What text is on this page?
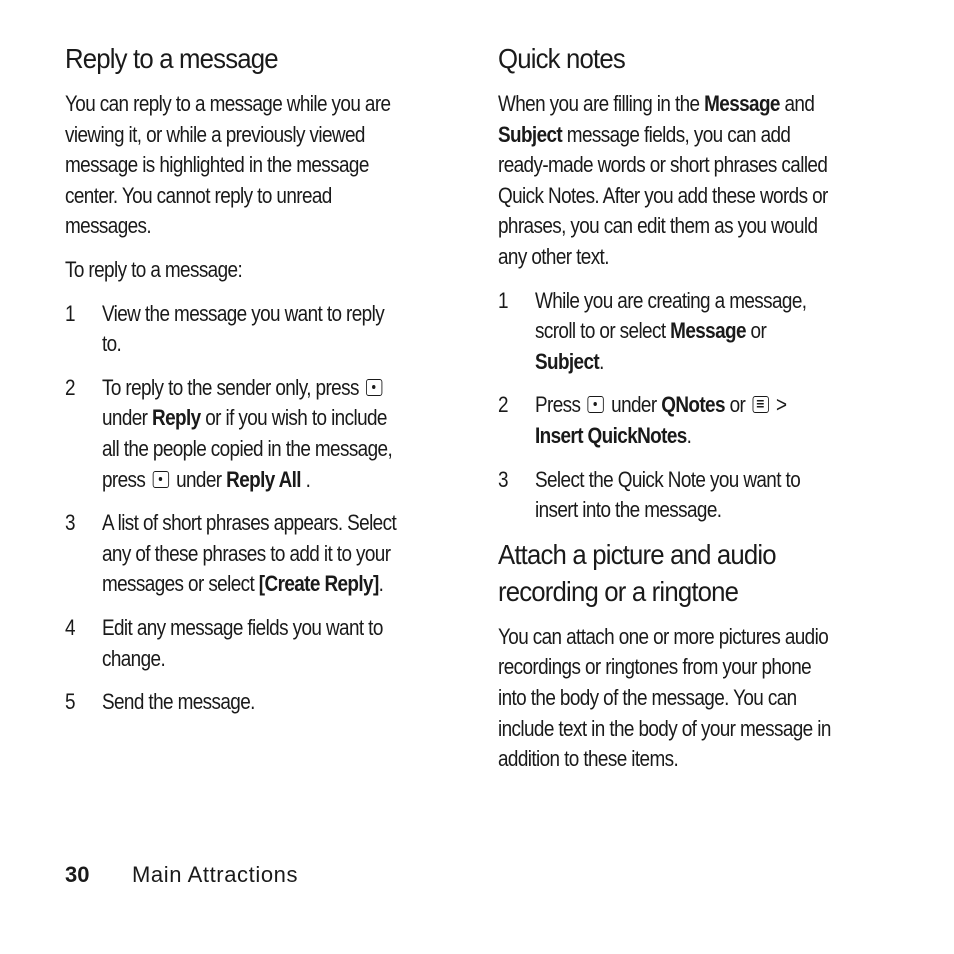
Reply to a message

You can reply to a message while you are viewing it, or while a previously viewed message is highlighted in the message center. You cannot reply to unread messages.

To reply to a message:

1 View the message you want to reply to.
2 To reply to the sender only, press  under Reply or if you wish to include all the people copied in the message, press under Reply All .
3 A list of short phrases appears. Select any of these phrases to add it to your messages or select [Create Reply].
4 Edit any message fields you want to change.
5 Send the message.
Quick notes

When you are filling in the Message and Subject message fields, you can add ready-made words or short phrases called Quick Notes. After you add these words or phrases, you can edit them as you would any other text.

1 While you are creating a message, scroll to or select Message or Subject.
2 Press under QNotes or > Insert QuickNotes.
3 Select the Quick Note you want to insert into the message.
Attach a picture and audio recording or a ringtone

You can attach one or more pictures audio recordings or ringtones from your phone into the body of the message. You can include text in the body of your message in addition to these items.

30 Main Attractions
